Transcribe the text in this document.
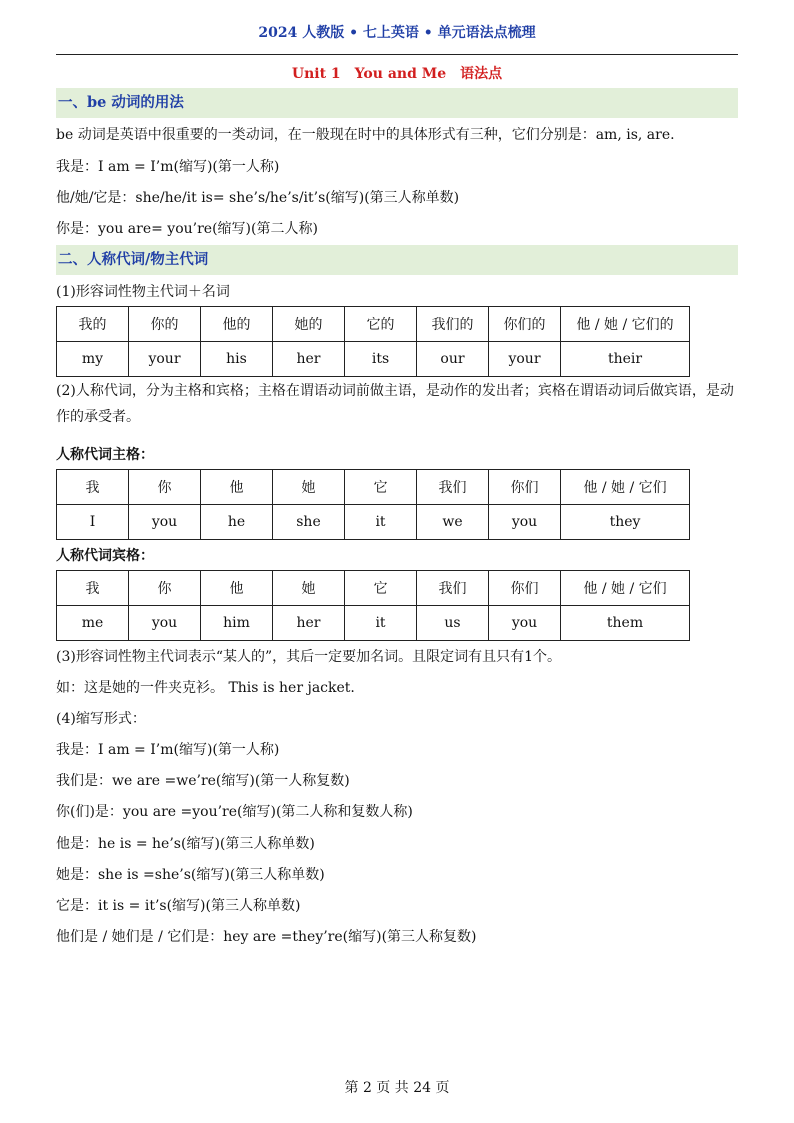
2024 人教版 • 七上英语 • 单元语法点梳理
Unit 1　You and Me　语法点
一、be 动词的用法
be 动词是英语中很重要的一类动词，在一般现在时中的具体形式有三种，它们分别是：am, is, are.
我是：I am = I’m(缩写)(第一人称)
他/她/它是：she/he/it is= she’s/he’s/it’s(缩写)(第三人称单数)
你是：you are= you’re(缩写)(第二人称)
二、人称代词/物主代词
(1)形容词性物主代词＋名词
我的	你的	他的	她的	它的	我们的	你们的	他 / 她 / 它们的
my	your	his	her	its	our	your	their
(2)人称代词，分为主格和宾格；主格在谓语动词前做主语，是动作的发出者；宾格在谓语动词后做宾语，是动作的承受者。
人称代词主格：
我	你	他	她	它	我们	你们	他 / 她 / 它们
I	you	he	she	it	we	you	they
人称代词宾格：
我	你	他	她	它	我们	你们	他 / 她 / 它们
me	you	him	her	it	us	you	them
(3)形容词性物主代词表示“某人的”，其后一定要加名词。且限定词有且只有1个。
如：这是她的一件夹克衫。 This is her jacket.
(4)缩写形式：
我是：I am = I’m(缩写)(第一人称)
我们是：we are =we’re(缩写)(第一人称复数)
你(们)是：you are =you’re(缩写)(第二人称和复数人称)
他是：he is = he’s(缩写)(第三人称单数)
她是：she is =she’s(缩写)(第三人称单数)
它是：it is = it’s(缩写)(第三人称单数)
他们是 / 她们是 / 它们是：hey are =they’re(缩写)(第三人称复数)
第 2 页 共 24 页
